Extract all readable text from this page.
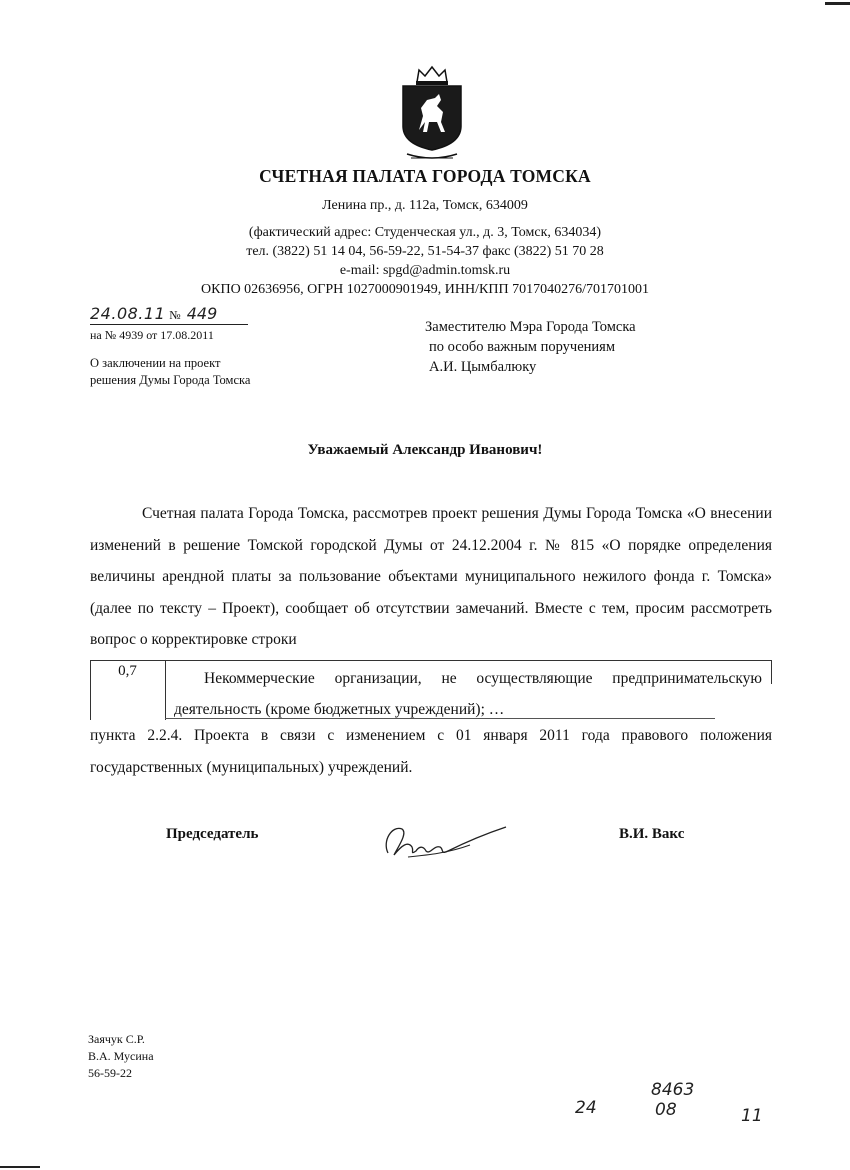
СЧЕТНАЯ ПАЛАТА ГОРОДА ТОМСКА
Ленина пр., д. 112а, Томск, 634009
(фактический адрес: Студенческая ул., д. 3, Томск, 634034)
тел. (3822) 51 14 04, 56-59-22, 51-54-37 факс (3822) 51 70 28
e-mail: spgd@admin.tomsk.ru
ОКПО 02636956, ОГРН 1027000901949, ИНН/КПП 7017040276/701701001
24.08.11 № 449
на № 4939 от 17.08.2011
О заключении на проект
решения Думы Города Томска
Заместителю Мэра Города Томска
по особо важным поручениям
А.И. Цымбалюку
Уважаемый Александр Иванович!
Счетная палата Города Томска, рассмотрев проект решения Думы Города Томска «О внесении изменений в решение Томской городской Думы от 24.12.2004 г. № 815 «О порядке определения величины арендной платы за пользование объектами муниципального нежилого фонда г. Томска» (далее по тексту – Проект), сообщает об отсутствии замечаний. Вместе с тем, просим рассмотреть вопрос о корректировке строки
0,7	Некоммерческие организации, не осуществляющие предпринимательскую деятельность (кроме бюджетных учреждений); …
пункта 2.2.4. Проекта в связи с изменением с 01 января 2011 года правового положения государственных (муниципальных) учреждений.
Председатель	В.И. Вакс
Заячук С.Р.
В.А. Мусина
56-59-22
24
8463
08	11
